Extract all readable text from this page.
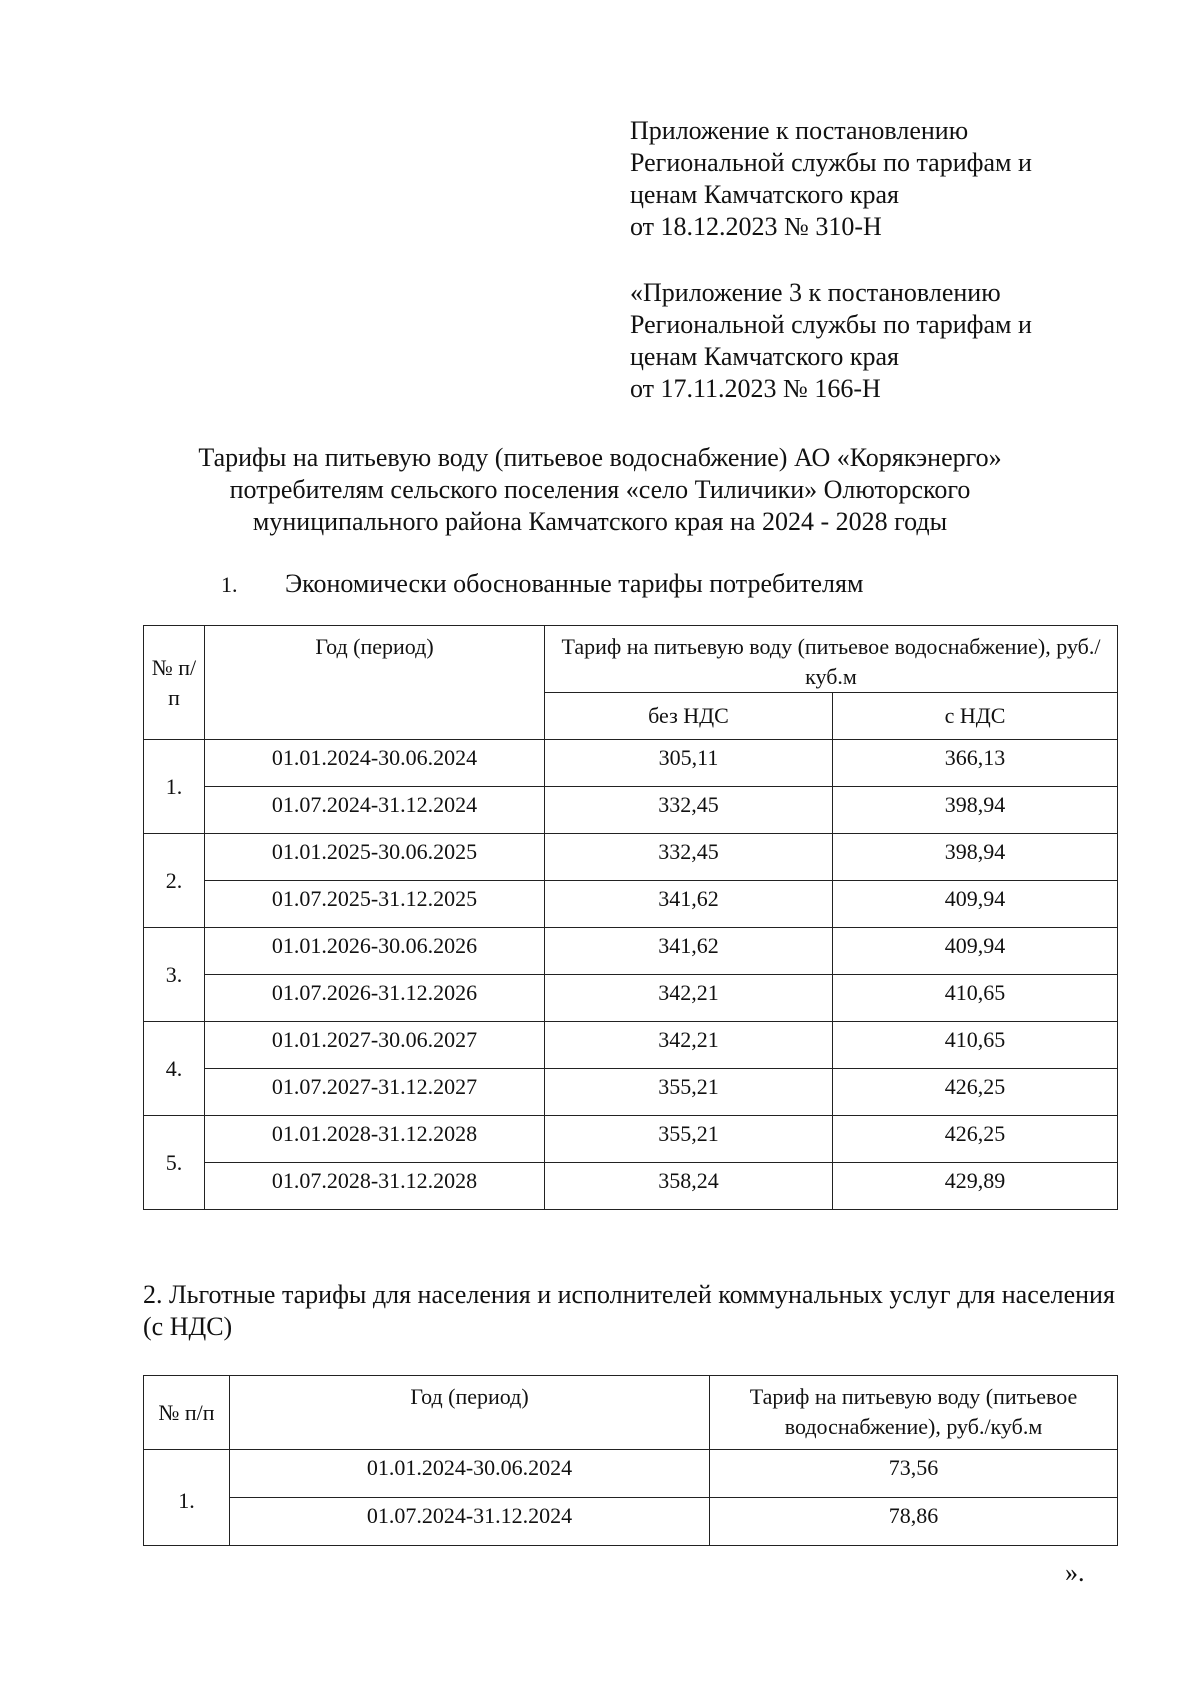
Приложение к постановлению
Региональной службы по тарифам и
ценам Камчатского края
от 18.12.2023 № 310-Н
«Приложение 3 к постановлению
Региональной службы по тарифам и
ценам Камчатского края
от 17.11.2023 № 166-Н
Тарифы на питьевую воду (питьевое водоснабжение) АО «Корякэнерго»
потребителям сельского поселения «село Тиличики» Олюторского
муниципального района Камчатского края на 2024 - 2028 годы
1. Экономически обоснованные тарифы потребителям
№ п/п	Год (период)	Тариф на питьевую воду (питьевое водоснабжение), руб./куб.м	
		без НДС	с НДС
1.	01.01.2024-30.06.2024	305,11	366,13
	01.07.2024-31.12.2024	332,45	398,94
2.	01.01.2025-30.06.2025	332,45	398,94
	01.07.2025-31.12.2025	341,62	409,94
3.	01.01.2026-30.06.2026	341,62	409,94
	01.07.2026-31.12.2026	342,21	410,65
4.	01.01.2027-30.06.2027	342,21	410,65
	01.07.2027-31.12.2027	355,21	426,25
5.	01.01.2028-31.12.2028	355,21	426,25
	01.07.2028-31.12.2028	358,24	429,89
2. Льготные тарифы для населения и исполнителей коммунальных услуг для населения (с НДС)
№ п/п	Год (период)	Тариф на питьевую воду (питьевое водоснабжение), руб./куб.м
1.	01.01.2024-30.06.2024	73,56
	01.07.2024-31.12.2024	78,86
».
